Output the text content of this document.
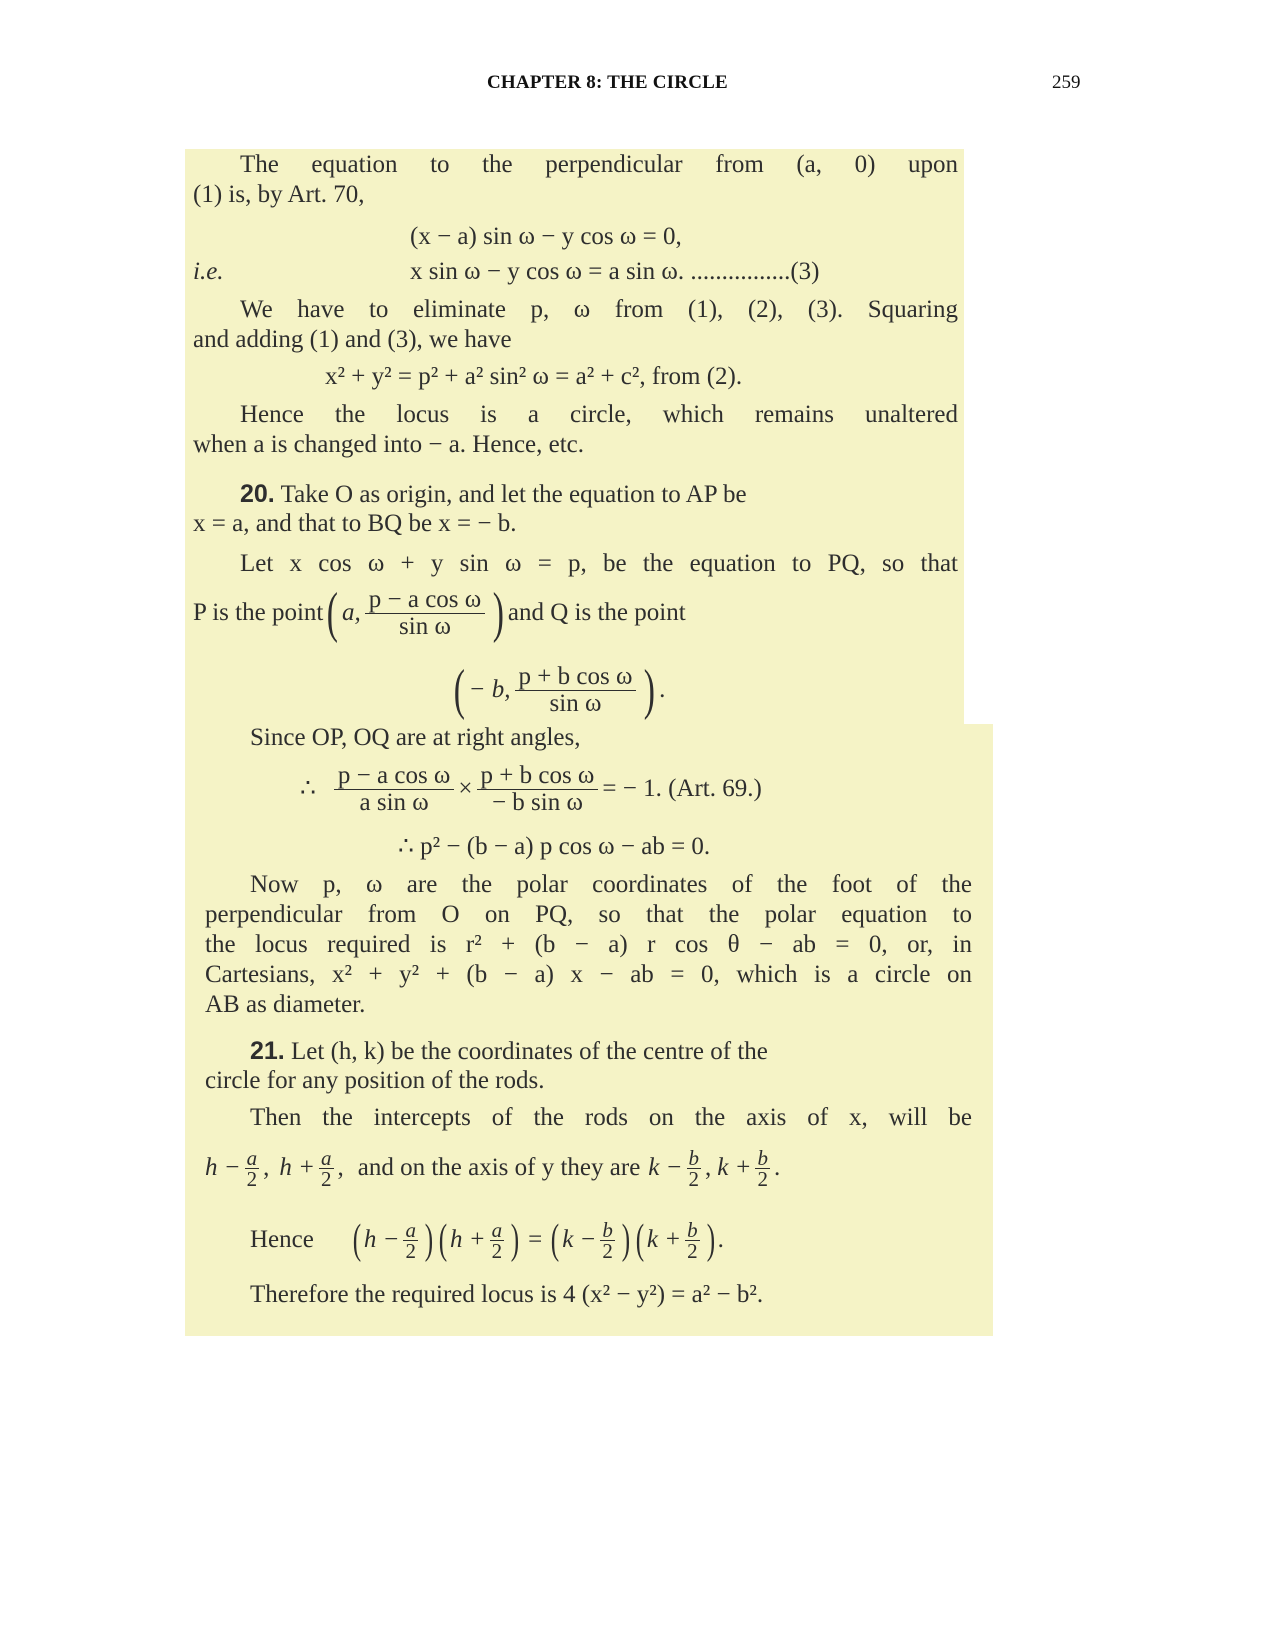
CHAPTER 8: THE CIRCLE	259
The equation to the perpendicular from (a, 0) upon
(1) is, by Art. 70,
(x − a) sin ω − y cos ω = 0,
i.e.	x sin ω − y cos ω = a sin ω. ................(3)
We have to eliminate p, ω from (1), (2), (3). Squaring
and adding (1) and (3), we have
x² + y² = p² + a² sin² ω = a² + c², from (2).
Hence the locus is a circle, which remains unaltered
when a is changed into − a. Hence, etc.
20. Take O as origin, and let the equation to AP be
x = a, and that to BQ be x = − b.
Let x cos ω + y sin ω = p, be the equation to PQ, so that
P is the point ( a, $\frac{\text{p − a cos ω}}{\text{sin ω}}$ ) and Q is the point
( − b, $\frac{\text{p + b cos ω}}{\text{sin ω}}$ ) .
Since OP, OQ are at right angles,
∴ $\frac{\text{p − a cos ω}}{\text{a sin ω}} \times \frac{\text{p + b cos ω}}{\text{− b sin ω}}$ = − 1. (Art. 69.)
∴ p² − (b − a) p cos ω − ab = 0.
Now p, ω are the polar coordinates of the foot of the
perpendicular from O on PQ, so that the polar equation to
the locus required is r² + (b − a) r cos θ − ab = 0, or, in
Cartesians, x² + y² + (b − a) x − ab = 0, which is a circle on
AB as diameter.
21. Let (h, k) be the coordinates of the centre of the
circle for any position of the rods.
Then the intercepts of the rods on the axis of x, will be
$h - \frac{a}{2}$ , $h + \frac{a}{2}$ , and on the axis of y they are $k - \frac{b}{2}$ , $k + \frac{b}{2}$ .
Hence ( $h - \frac{a}{2}$ ) ( $h + \frac{a}{2}$ ) = ( $k - \frac{b}{2}$ ) ( $k + \frac{b}{2}$ ) .
Therefore the required locus is 4 (x² − y²) = a² − b².
